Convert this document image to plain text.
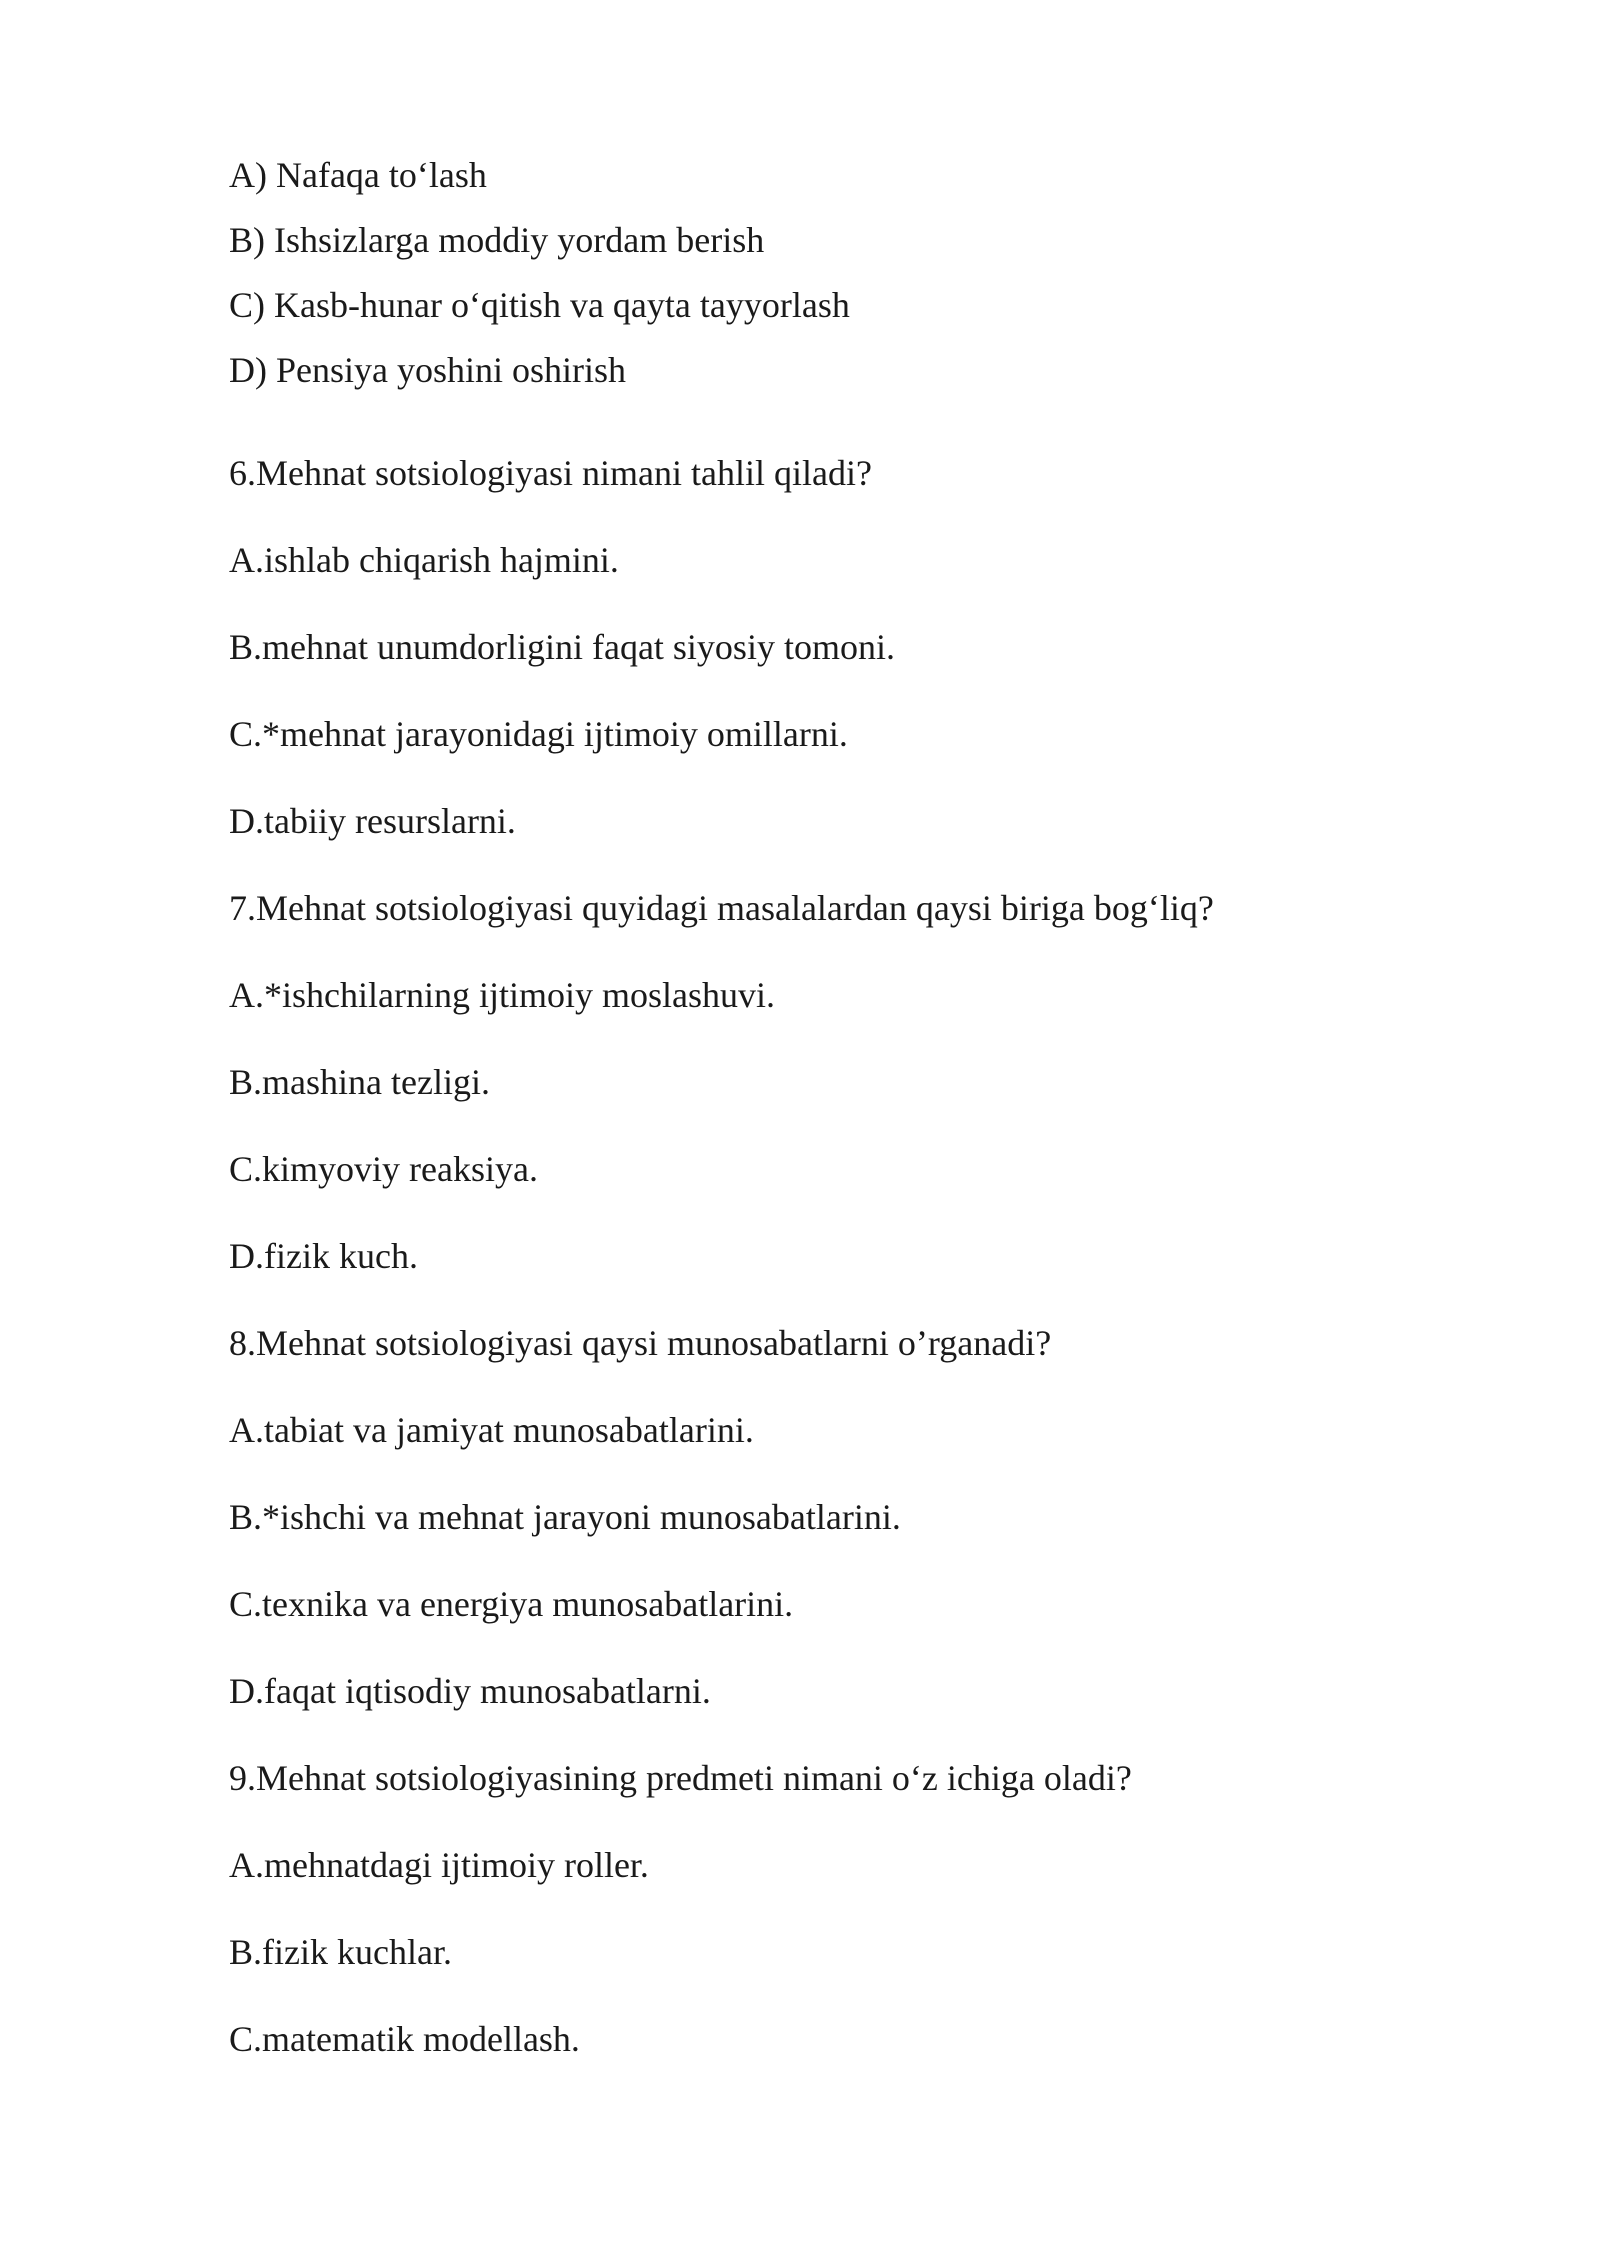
A) Nafaqa to‘lash
B) Ishsizlarga moddiy yordam berish
C) Kasb-hunar o‘qitish va qayta tayyorlash
D) Pensiya yoshini oshirish
6.Mehnat sotsiologiyasi nimani tahlil qiladi?
A.ishlab chiqarish hajmini.
B.mehnat unumdorligini faqat siyosiy tomoni.
C.*mehnat jarayonidagi ijtimoiy omillarni.
D.tabiiy resurslarni.
7.Mehnat sotsiologiyasi quyidagi masalalardan qaysi biriga bog‘liq?
A.*ishchilarning ijtimoiy moslashuvi.
B.mashina tezligi.
C.kimyoviy reaksiya.
D.fizik kuch.
8.Mehnat sotsiologiyasi qaysi munosabatlarni o’rganadi?
A.tabiat va jamiyat munosabatlarini.
B.*ishchi va mehnat jarayoni munosabatlarini.
C.texnika va energiya munosabatlarini.
D.faqat iqtisodiy munosabatlarni.
9.Mehnat sotsiologiyasining predmeti nimani o‘z ichiga oladi?
A.mehnatdagi ijtimoiy roller.
B.fizik kuchlar.
C.matematik modellash.
